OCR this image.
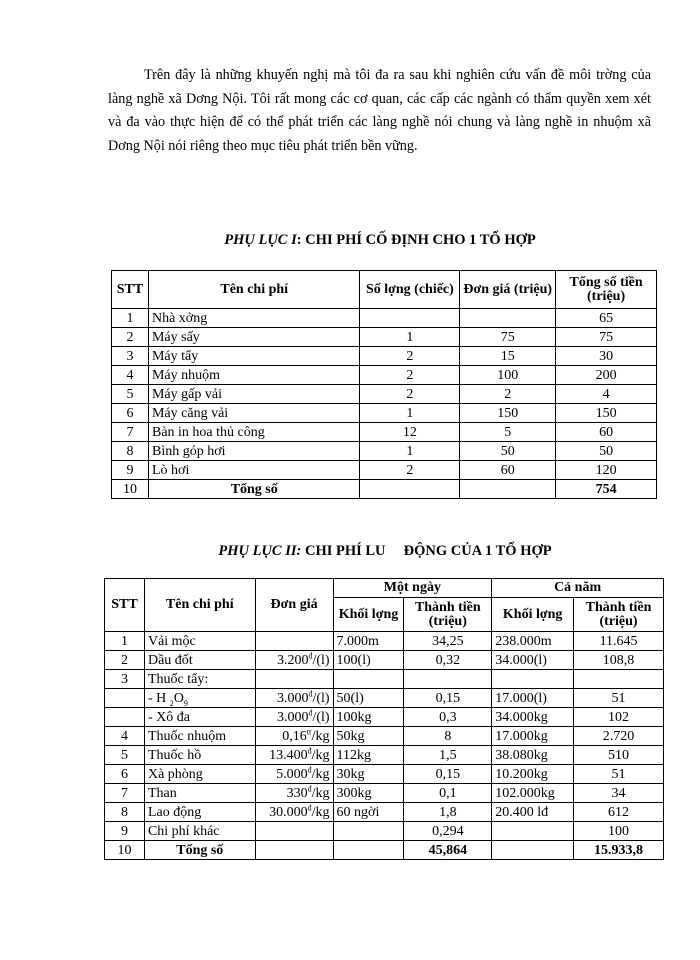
Trên đây là những khuyến nghị mà tôi đa ra sau khi nghiên cứu vấn đề môi trờng của làng nghề xã Dơng Nội. Tôi rất mong các cơ quan, các cấp các ngành có thẩm quyền xem xét và đa vào thực hiện để có thể phát triển các làng nghề nói chung và làng nghề in nhuộm xã Dơng Nội nói riêng theo mục tiêu phát triển bền vững.

PHỤ LỤC I: CHI PHÍ CỐ ĐỊNH CHO 1 TỔ HỢP
STT	Tên chi phí	Số lợng (chiếc)	Đơn giá (triệu)	Tổng số tiền (triệu)
1	Nhà xởng			65
2	Máy sấy	1	75	75
3	Máy tẩy	2	15	30
4	Máy nhuộm	2	100	200
5	Máy gấp vải	2	2	4
6	Máy căng vải	1	150	150
7	Bàn in hoa thủ công	12	5	60
8	Bình góp hơi	1	50	50
9	Lò hơi	2	60	120
10	Tổng số			754
PHỤ LỤC II: CHI PHÍ LU     ĐỘNG CỦA 1 TỔ HỢP
STT	Tên chi phí	Đơn giá	Một ngày		Cả năm	
			Khối lợng	Thành tiền (triệu)	Khối lợng	Thành tiền (triệu)
1	Vải mộc		7.000m	34,25	238.000m	11.645
2	Dầu đốt	$3.200^đ/(l)$	100(l)	0,32	34.000(l)	108,8
3	Thuốc tẩy:					
	- H $_2O_9$	$3.000^đ/(l)$	50(l)	0,15	17.000(l)	51
	- Xô đa	$3.000^đ/(l)$	100kg	0,3	34.000kg	102
4	Thuốc nhuộm	$0,16^{tr}/kg$	50kg	8	17.000kg	2.720
5	Thuốc hồ	$13.400^đ/kg$	112kg	1,5	38.080kg	510
6	Xà phòng	$5.000^đ/kg$	30kg	0,15	10.200kg	51
7	Than	$330^đ/kg$	300kg	0,1	102.000kg	34
8	Lao động	$30.000^đ/kg$	60 ngời	1,8	20.400 lđ	612
9	Chi phí khác			0,294		100
10	Tổng số			45,864		15.933,8
